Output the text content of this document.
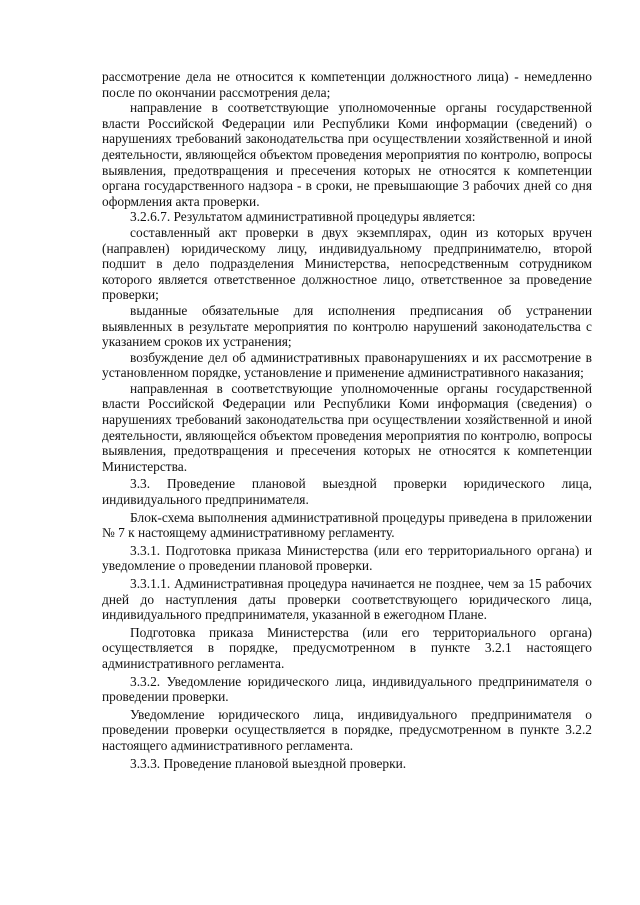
рассмотрение дела не относится к компетенции должностного лица) - немедленно после по окончании рассмотрения дела;

направление в соответствующие уполномоченные органы государственной власти Российской Федерации или Республики Коми информации (сведений) о нарушениях требований законодательства при осуществлении хозяйственной и иной деятельности, являющейся объектом проведения мероприятия по контролю, вопросы выявления, предотвращения и пресечения которых не относятся к компетенции органа государственного надзора - в сроки, не превышающие 3 рабочих дней со дня оформления акта проверки.

3.2.6.7. Результатом административной процедуры является:

составленный акт проверки в двух экземплярах, один из которых вручен (направлен) юридическому лицу, индивидуальному предпринимателю, второй подшит в дело подразделения Министерства, непосредственным сотрудником которого является ответственное должностное лицо, ответственное за проведение проверки;

выданные обязательные для исполнения предписания об устранении выявленных в результате мероприятия по контролю нарушений законодательства с указанием сроков их устранения;

возбуждение дел об административных правонарушениях и их рассмотрение в установленном порядке, установление и применение административного наказания;

направленная в соответствующие уполномоченные органы государственной власти Российской Федерации или Республики Коми информация (сведения) о нарушениях требований законодательства при осуществлении хозяйственной и иной деятельности, являющейся объектом проведения мероприятия по контролю, вопросы выявления, предотвращения и пресечения которых не относятся к компетенции Министерства.

3.3. Проведение плановой выездной проверки юридического лица, индивидуального предпринимателя.

Блок-схема выполнения административной процедуры приведена в приложении № 7 к настоящему административному регламенту.

3.3.1. Подготовка приказа Министерства (или его территориального органа) и уведомление о проведении плановой проверки.

3.3.1.1. Административная процедура начинается не позднее, чем за 15 рабочих дней до наступления даты проверки соответствующего юридического лица, индивидуального предпринимателя, указанной в ежегодном Плане.

Подготовка приказа Министерства (или его территориального органа) осуществляется в порядке, предусмотренном в пункте 3.2.1 настоящего административного регламента.

3.3.2. Уведомление юридического лица, индивидуального предпринимателя о проведении проверки.

Уведомление юридического лица, индивидуального предпринимателя о проведении проверки осуществляется в порядке, предусмотренном в пункте 3.2.2 настоящего административного регламента.

3.3.3. Проведение плановой выездной проверки.
